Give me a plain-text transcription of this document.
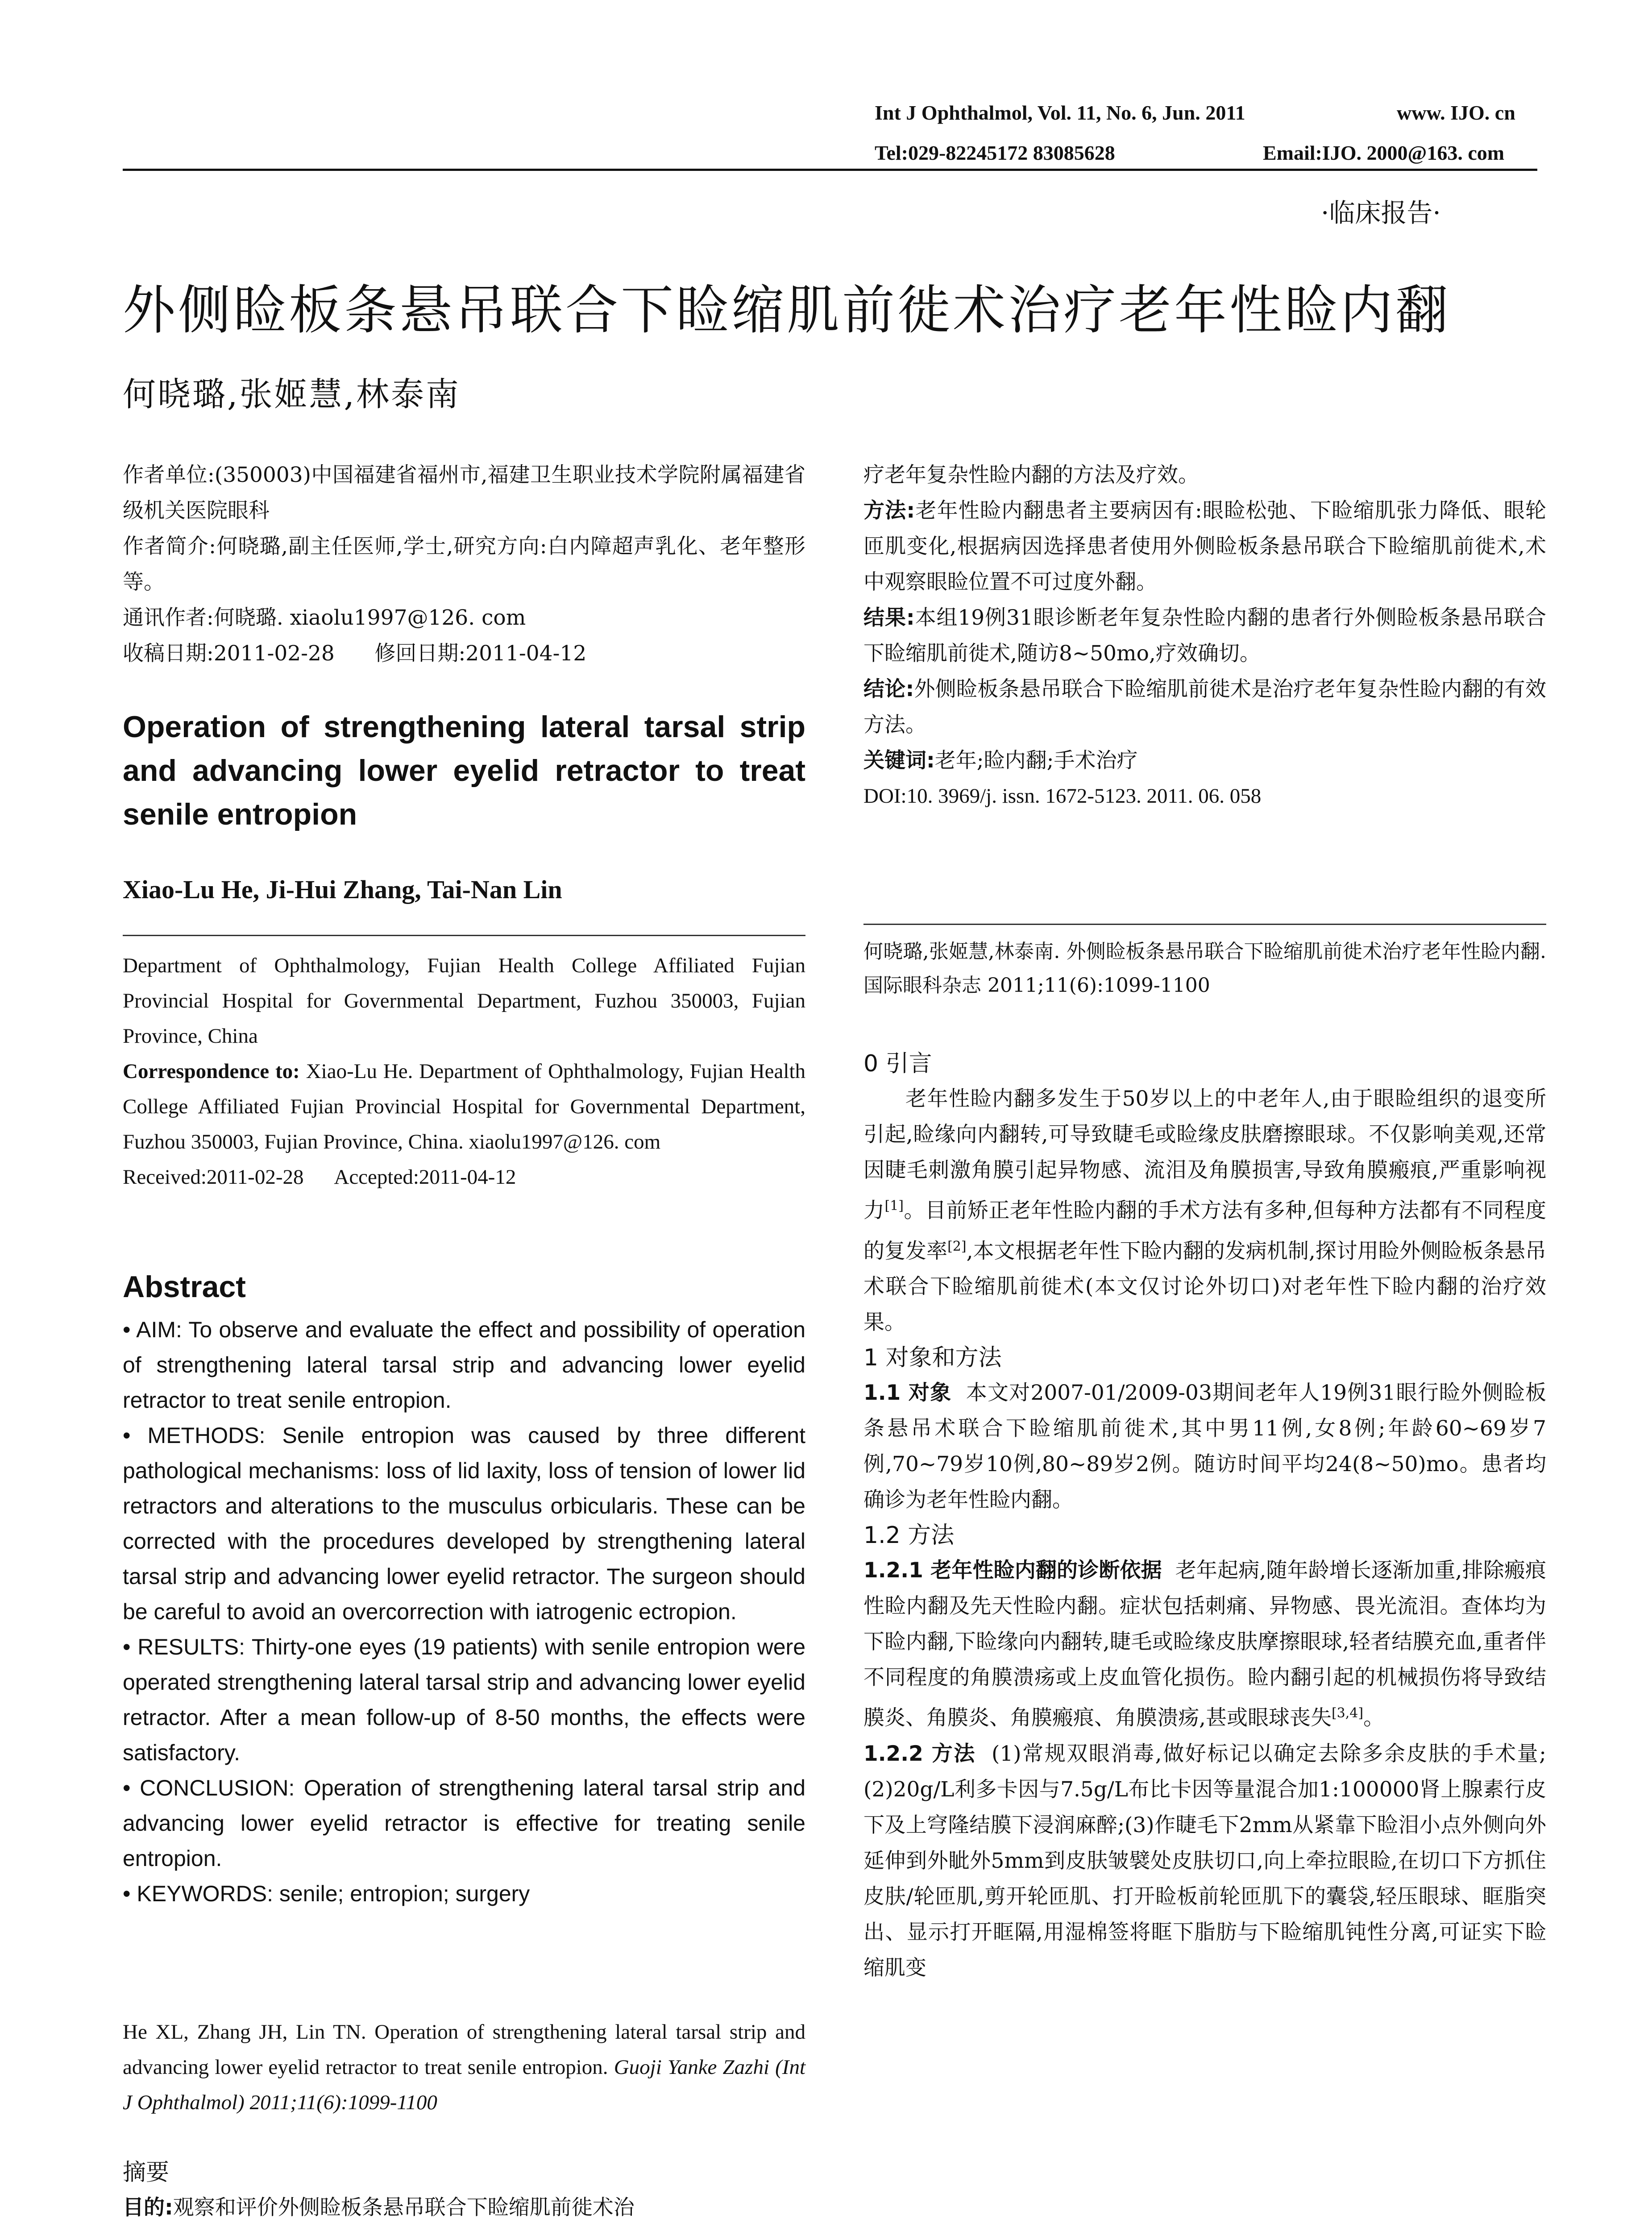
Int J Ophthalmol, Vol. 11, No. 6, Jun. 2011	www. IJO. cn
Tel:029-82245172 83085628	Email:IJO. 2000@163. com
·临床报告·
外侧睑板条悬吊联合下睑缩肌前徙术治疗老年性睑内翻
何晓璐,张姬慧,林泰南

作者单位:(350003)中国福建省福州市,福建卫生职业技术学院附属福建省级机关医院眼科

作者简介:何晓璐,副主任医师,学士,研究方向:白内障超声乳化、老年整形等。

通讯作者:何晓璐. xiaolu1997@126. com

收稿日期:2011-02-28      修回日期:2011-04-12

Operation of strengthening lateral tarsal strip and advancing lower eyelid retractor to treat senile entropion

Xiao-Lu He, Ji-Hui Zhang, Tai-Nan Lin

Department of Ophthalmology, Fujian Health College Affiliated Fujian Provincial Hospital for Governmental Department, Fuzhou 350003, Fujian Province, China

Correspondence to: Xiao-Lu He. Department of Ophthalmology, Fujian Health College Affiliated Fujian Provincial Hospital for Governmental Department, Fuzhou 350003, Fujian Province, China. xiaolu1997@126. com

Received:2011-02-28      Accepted:2011-04-12

Abstract

• AIM: To observe and evaluate the effect and possibility of operation of strengthening lateral tarsal strip and advancing lower eyelid retractor to treat senile entropion.

• METHODS: Senile entropion was caused by three different pathological mechanisms: loss of lid laxity, loss of tension of lower lid retractors and alterations to the musculus orbicularis. These can be corrected with the procedures developed by strengthening lateral tarsal strip and advancing lower eyelid retractor. The surgeon should be careful to avoid an overcorrection with iatrogenic ectropion.

• RESULTS: Thirty-one eyes (19 patients) with senile entropion were operated strengthening lateral tarsal strip and advancing lower eyelid retractor. After a mean follow-up of 8-50 months, the effects were satisfactory.

• CONCLUSION: Operation of strengthening lateral tarsal strip and advancing lower eyelid retractor is effective for treating senile entropion.

• KEYWORDS: senile; entropion; surgery

He XL, Zhang JH, Lin TN. Operation of strengthening lateral tarsal strip and advancing lower eyelid retractor to treat senile entropion. Guoji Yanke Zazhi (Int J Ophthalmol) 2011;11(6):1099-1100

摘要

目的:观察和评价外侧睑板条悬吊联合下睑缩肌前徙术治

疗老年复杂性睑内翻的方法及疗效。

方法:老年性睑内翻患者主要病因有:眼睑松弛、下睑缩肌张力降低、眼轮匝肌变化,根据病因选择患者使用外侧睑板条悬吊联合下睑缩肌前徙术,术中观察眼睑位置不可过度外翻。

结果:本组19例31眼诊断老年复杂性睑内翻的患者行外侧睑板条悬吊联合下睑缩肌前徙术,随访8~50mo,疗效确切。

结论:外侧睑板条悬吊联合下睑缩肌前徙术是治疗老年复杂性睑内翻的有效方法。

关键词:老年;睑内翻;手术治疗

DOI:10. 3969/j. issn. 1672-5123. 2011. 06. 058

何晓璐,张姬慧,林泰南. 外侧睑板条悬吊联合下睑缩肌前徙术治疗老年性睑内翻. 国际眼科杂志 2011;11(6):1099-1100

0 引言

老年性睑内翻多发生于50岁以上的中老年人,由于眼睑组织的退变所引起,睑缘向内翻转,可导致睫毛或睑缘皮肤磨擦眼球。不仅影响美观,还常因睫毛刺激角膜引起异物感、流泪及角膜损害,导致角膜瘢痕,严重影响视力[1]。目前矫正老年性睑内翻的手术方法有多种,但每种方法都有不同程度的复发率[2],本文根据老年性下睑内翻的发病机制,探讨用睑外侧睑板条悬吊术联合下睑缩肌前徙术(本文仅讨论外切口)对老年性下睑内翻的治疗效果。

1 对象和方法

1.1 对象 本文对2007-01/2009-03期间老年人19例31眼行睑外侧睑板条悬吊术联合下睑缩肌前徙术,其中男11例,女8例;年龄60~69岁7例,70~79岁10例,80~89岁2例。随访时间平均24(8~50)mo。患者均确诊为老年性睑内翻。

1.2 方法

1.2.1 老年性睑内翻的诊断依据 老年起病,随年龄增长逐渐加重,排除瘢痕性睑内翻及先天性睑内翻。症状包括刺痛、异物感、畏光流泪。查体均为下睑内翻,下睑缘向内翻转,睫毛或睑缘皮肤摩擦眼球,轻者结膜充血,重者伴不同程度的角膜溃疡或上皮血管化损伤。睑内翻引起的机械损伤将导致结膜炎、角膜炎、角膜瘢痕、角膜溃疡,甚或眼球丧失[3,4]。

1.2.2 方法 (1)常规双眼消毒,做好标记以确定去除多余皮肤的手术量;(2)20g/L利多卡因与7.5g/L布比卡因等量混合加1:100000肾上腺素行皮下及上穹隆结膜下浸润麻醉;(3)作睫毛下2mm从紧靠下睑泪小点外侧向外延伸到外眦外5mm到皮肤皱襞处皮肤切口,向上牵拉眼睑,在切口下方抓住皮肤/轮匝肌,剪开轮匝肌、打开睑板前轮匝肌下的囊袋,轻压眼球、眶脂突出、显示打开眶隔,用湿棉签将眶下脂肪与下睑缩肌钝性分离,可证实下睑缩肌变
